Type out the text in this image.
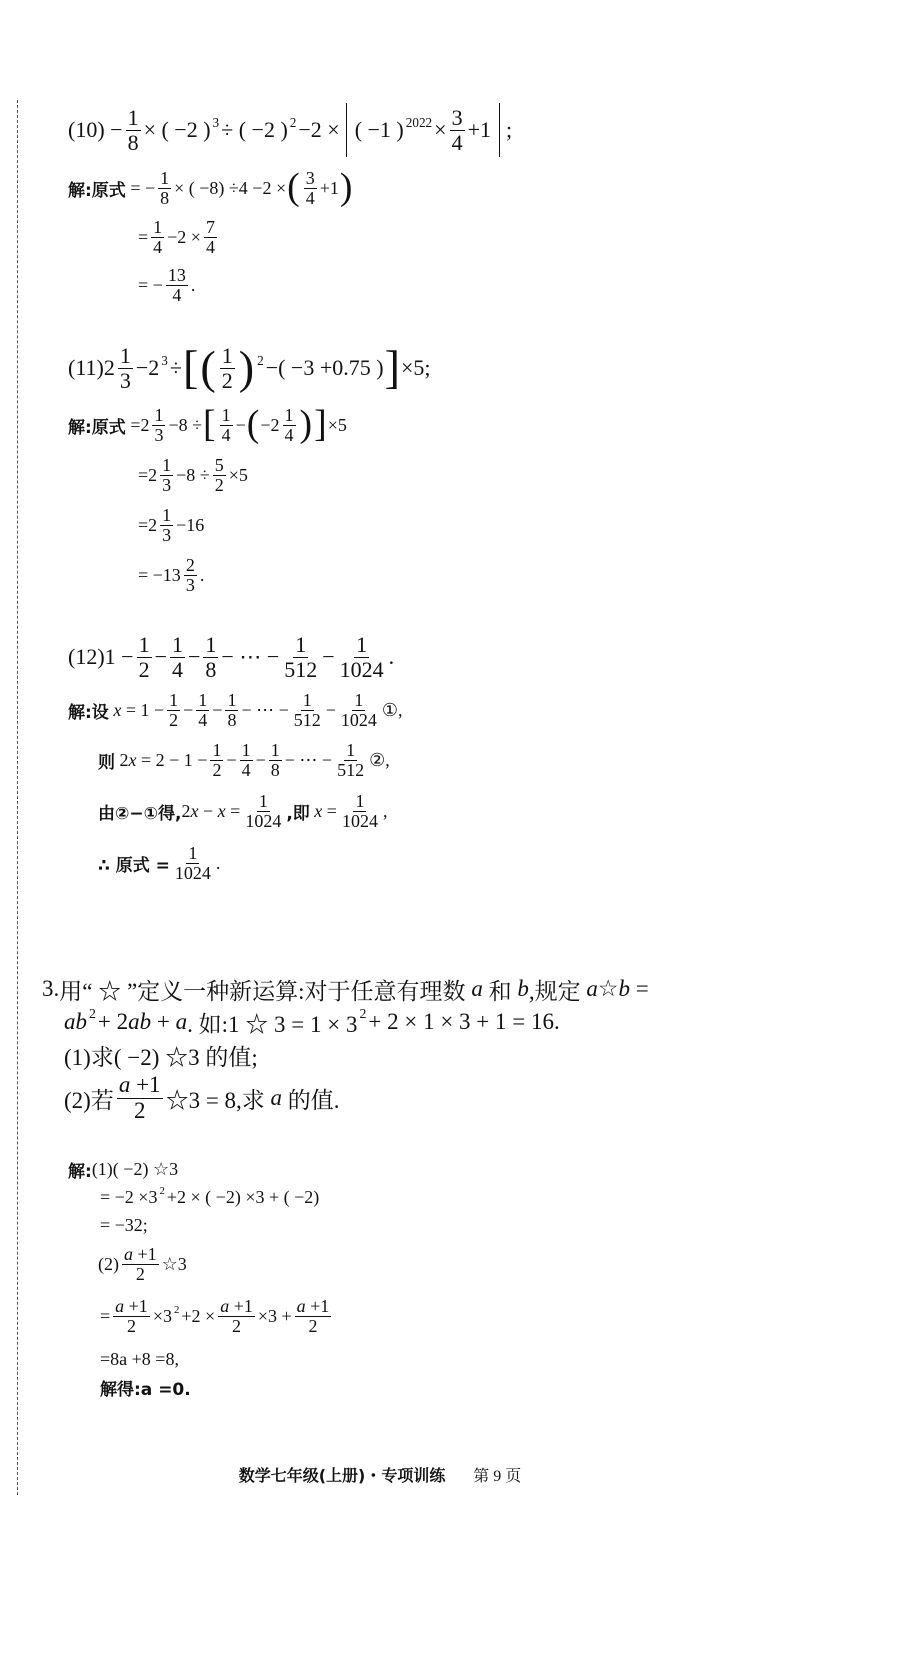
$(10) - \frac{1}{8}$ × ( −2 ) 3 ÷ ( −2 ) 2 −2 × ( −1 ) $2022 \times \frac{3}{4} +1$ ;
解:原式 = − $\frac{1}{8}$ × ( −8) ÷4 −2 × ( $\frac{3}{4} +1$ )
= $\frac{1}{4} -2 \times \frac{7}{4}$
= − $\frac{13}{4}$ .
(11) $2 \frac{1}{3} -2$ 3 ÷ [ ( $\frac{1}{2}$ ) 2 −( −3 +0.75 ) ] ×5;
解:原式 $=2 \frac{1}{3} -8$ ÷ [ $\frac{1}{4}$ − ( $-2 \frac{1}{4}$ ) ] ×5
$=2 \frac{1}{3} -8 \div \frac{5}{2} \times 5$
$=2 \frac{1}{3} -16$
= $-13 \frac{2}{3}$ .
(12) $1 - \frac{1}{2} - \frac{1}{4} - \frac{1}{8}$ − ⋯ − $\frac{1}{512} - \frac{1}{1024}$ .
解:设 $x = 1 - \frac{1}{2} - \frac{1}{4} - \frac{1}{8}$ − ⋯ − $\frac{1}{512} - \frac{1}{1024}$ ①,
则 $2x = 2 - 1 - \frac{1}{2} - \frac{1}{4} - \frac{1}{8}$ − ⋯ − $\frac{1}{512}$ ②,
由②−①得, $2x - x = \frac{1}{1024}$ ,即 $x = \frac{1}{1024}$ ,
∴ 原式 = $\frac{1}{1024}$ .
3. 用“ ☆ ”定义一种新运算:对于任意有理数 a 和 b ,规定 a☆b =
ab 2 + 2ab + a . 如:1 ☆ 3 = 1 × 3 2 + 2 × 1 × 3 + 1 = 16.
(1)求( −2) ☆3 的值;
(2)若 $\frac{a +1}{2}$ ☆3 = 8,求 a 的值.
解: (1)( −2) ☆3
= −2 ×3 2 +2 × ( −2) ×3 + ( −2)
= −32;
$(2) \frac{a +1}{2}$ ☆3
= $\frac{a +1}{2} \times 3$ $2 +2 \times \frac{a +1}{2} \times 3 + \frac{a +1}{2}$
=8a +8 =8,
解得:a =0.
数学七年级(上册)・专项训练 第 9 页
